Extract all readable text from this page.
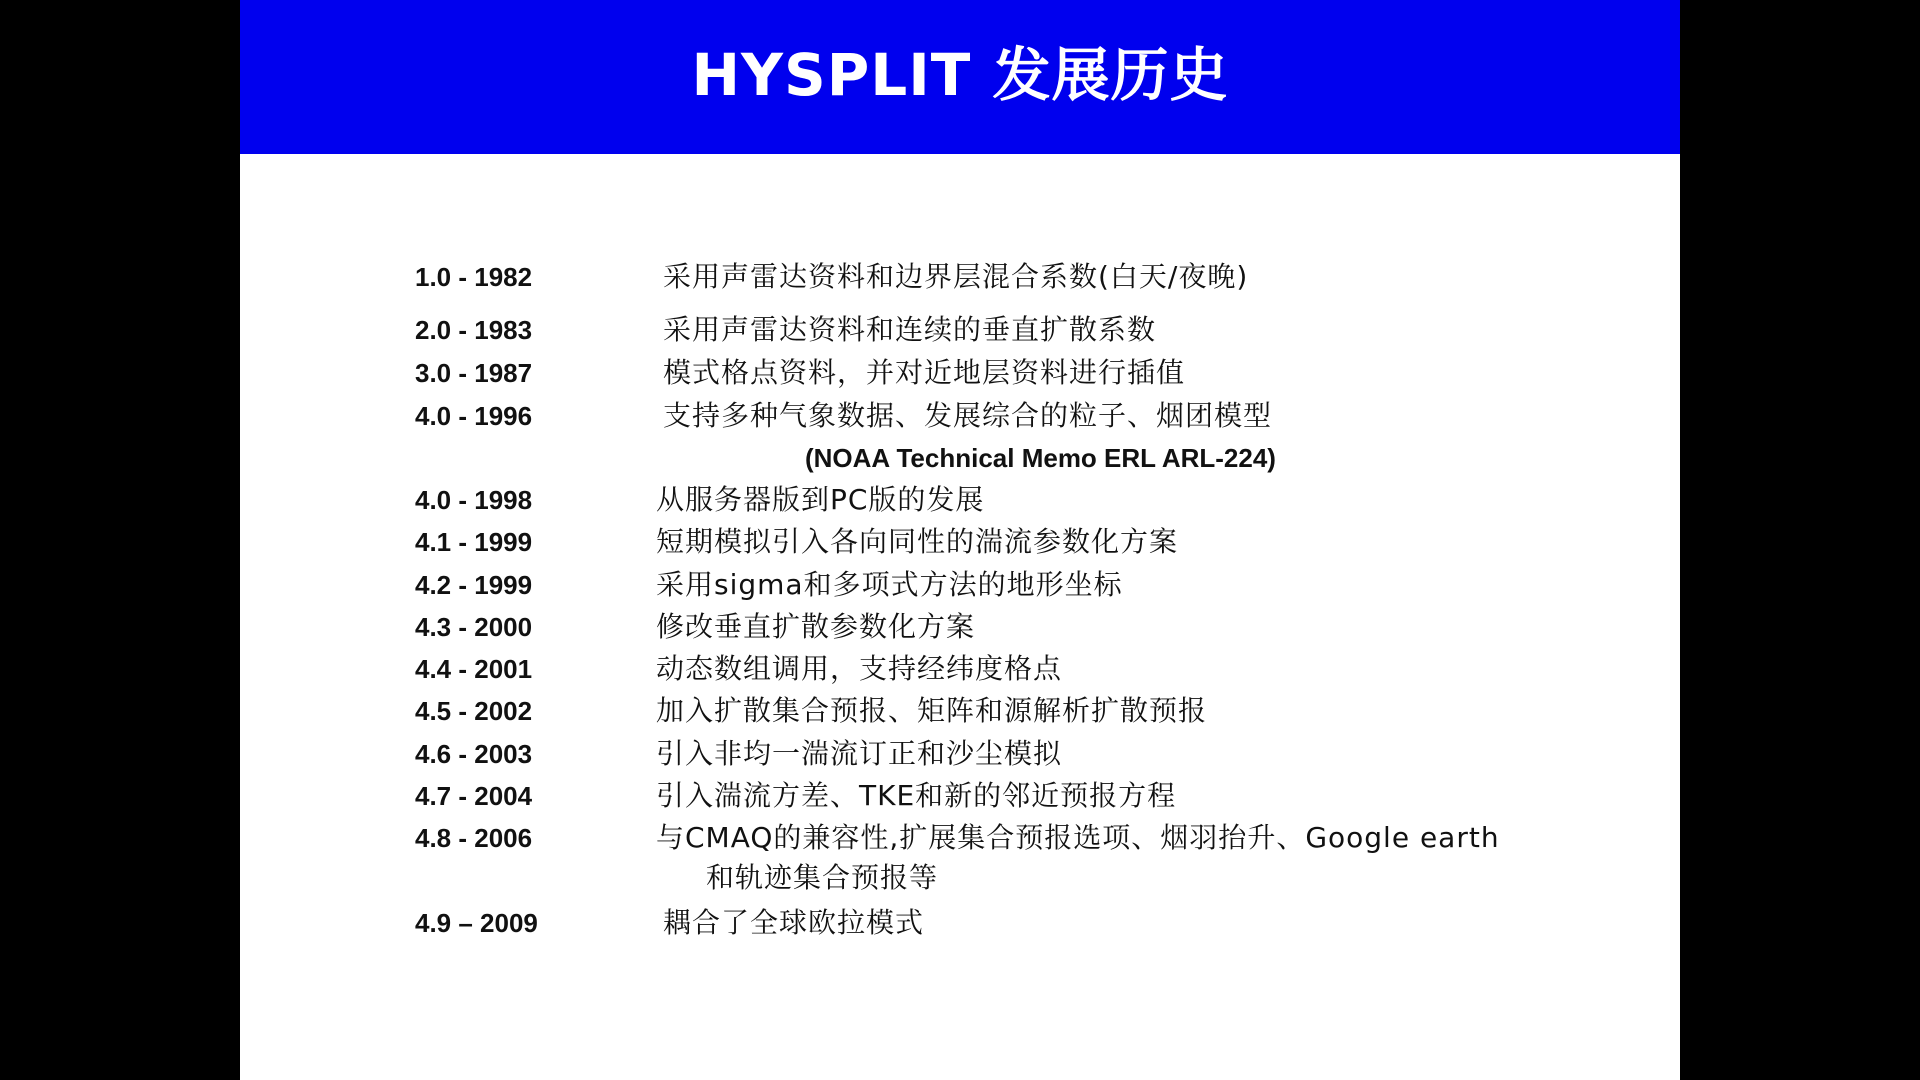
HYSPLIT 发展历史
1.0 - 1982	采用声雷达资料和边界层混合系数(白天/夜晚)
2.0 - 1983	采用声雷达资料和连续的垂直扩散系数
3.0 - 1987	模式格点资料，并对近地层资料进行插值
4.0 - 1996	支持多种气象数据、发展综合的粒子、烟团模型
(NOAA Technical Memo ERL ARL-224)
4.0 - 1998	从服务器版到PC版的发展
4.1 - 1999	短期模拟引入各向同性的湍流参数化方案
4.2 - 1999	采用sigma和多项式方法的地形坐标
4.3 - 2000	修改垂直扩散参数化方案
4.4 - 2001	动态数组调用，支持经纬度格点
4.5 - 2002	加入扩散集合预报、矩阵和源解析扩散预报
4.6 - 2003	引入非均一湍流订正和沙尘模拟
4.7 - 2004	引入湍流方差、TKE和新的邻近预报方程
4.8 - 2006	与CMAQ的兼容性,扩展集合预报选项、烟羽抬升、Google earth
和轨迹集合预报等
4.9 – 2009	耦合了全球欧拉模式
